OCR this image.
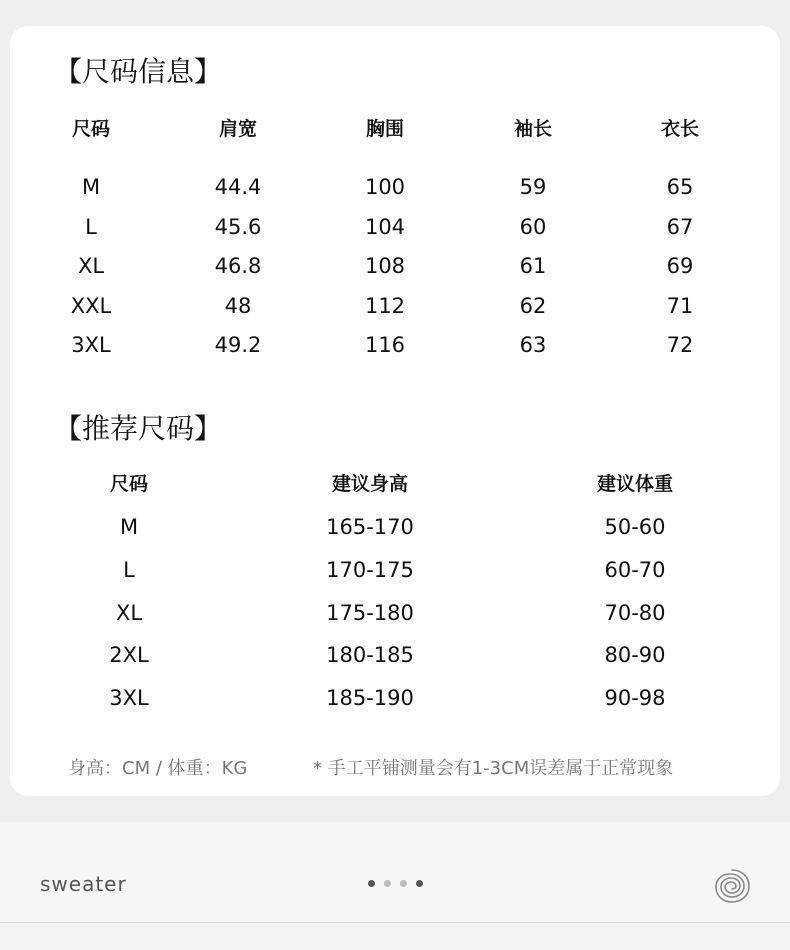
【尺码信息】
尺码	肩宽	胸围	袖长	衣长
M	44.4	100	59	65
L	45.6	104	60	67
XL	46.8	108	61	69
XXL	48	112	62	71
3XL	49.2	116	63	72
【推荐尺码】
尺码	建议身高	建议体重
M	165-170	50-60
L	170-175	60-70
XL	175-180	70-80
2XL	180-185	80-90
3XL	185-190	90-98
身高：CM / 体重：KG	* 手工平铺测量会有1-3CM误差属于正常现象
sweater
